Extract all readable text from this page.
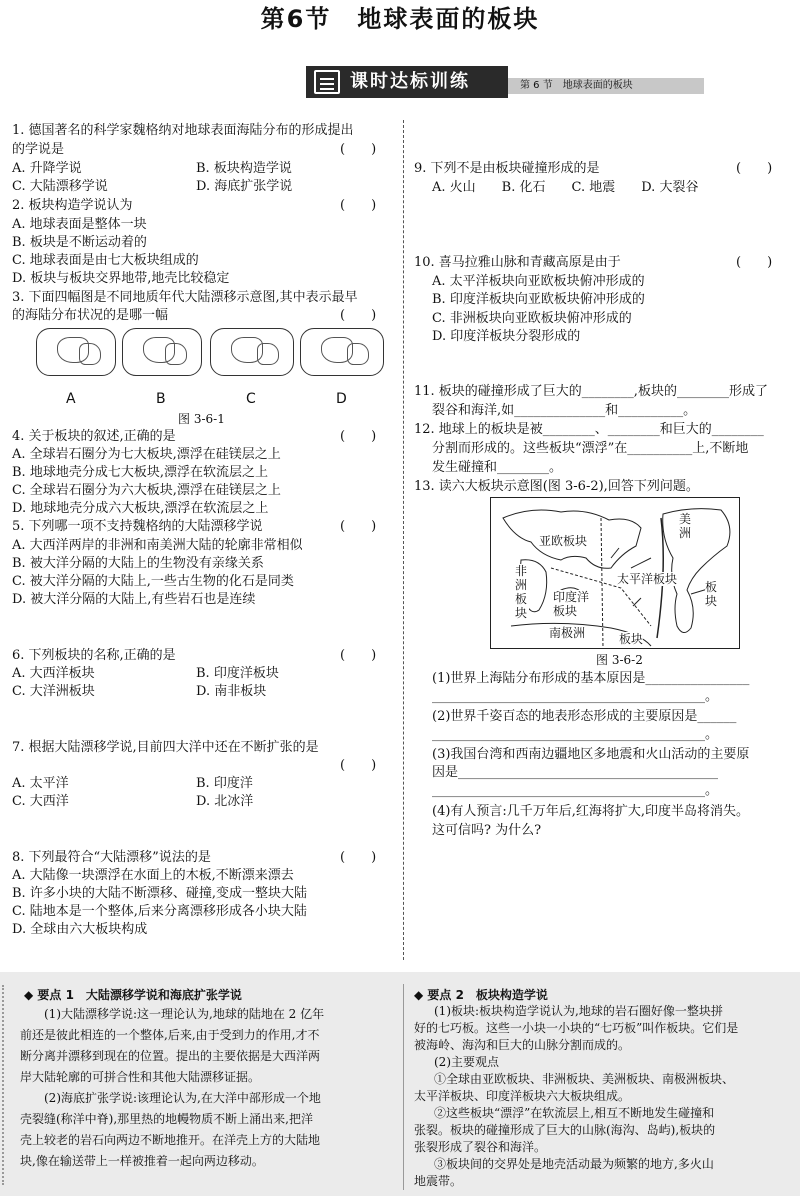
第6节　地球表面的板块
课时达标训练	第 6 节　地球表面的板块
1. 德国著名的科学家魏格纳对地球表面海陆分布的形成提出
的学说是	(　　)
A. 升降学说	B. 板块构造学说
C. 大陆漂移学说	D. 海底扩张学说
2. 板块构造学说认为	(　　)
A. 地球表面是整体一块
B. 板块是不断运动着的
C. 地球表面是由七大板块组成的
D. 板块与板块交界地带,地壳比较稳定
3. 下面四幅图是不同地质年代大陆漂移示意图,其中表示最早
的海陆分布状况的是哪一幅	(　　)
4. 关于板块的叙述,正确的是	(　　)
A. 全球岩石圈分为七大板块,漂浮在硅镁层之上
B. 地球地壳分成七大板块,漂浮在软流层之上
C. 全球岩石圈分为六大板块,漂浮在硅镁层之上
D. 地球地壳分成六大板块,漂浮在软流层之上
5. 下列哪一项不支持魏格纳的大陆漂移学说	(　　)
A. 大西洋两岸的非洲和南美洲大陆的轮廓非常相似
B. 被大洋分隔的大陆上的生物没有亲缘关系
C. 被大洋分隔的大陆上,一些古生物的化石是同类
D. 被大洋分隔的大陆上,有些岩石也是连续
6. 下列板块的名称,正确的是	(　　)
A. 大西洋板块	B. 印度洋板块
C. 大洋洲板块	D. 南非板块
7. 根据大陆漂移学说,目前四大洋中还在不断扩张的是
(　　)
A. 太平洋	B. 印度洋
C. 大西洋	D. 北冰洋
8. 下列最符合“大陆漂移”说法的是	(　　)
A. 大陆像一块漂浮在水面上的木板,不断漂来漂去
B. 许多小块的大陆不断漂移、碰撞,变成一整块大陆
C. 陆地本是一个整体,后来分离漂移形成各小块大陆
D. 全球由六大板块构成
A	B	C	D
图 3-6-1
9. 下列不是由板块碰撞形成的是	(　　)
A. 火山　　B. 化石　　C. 地震　　D. 大裂谷
10. 喜马拉雅山脉和青藏高原是由于	(　　)
A. 太平洋板块向亚欧板块俯冲形成的
B. 印度洋板块向亚欧板块俯冲形成的
C. 非洲板块向亚欧板块俯冲形成的
D. 印度洋板块分裂形成的
11. 板块的碰撞形成了巨大的________,板块的________形成了
裂谷和海洋,如______________和__________。
12. 地球上的板块是被________、________和巨大的________
分割而形成的。这些板块“漂浮”在__________上,不断地
发生碰撞和________。
13. 读六大板块示意图(图 3-6-2),回答下列问题。
(1)世界上海陆分布形成的基本原因是________________
__________________________________________。
(2)世界千姿百态的地表形态形成的主要原因是______
__________________________________________。
(3)我国台湾和西南边疆地区多地震和火山活动的主要原
因是________________________________________
__________________________________________。
(4)有人预言:几千万年后,红海将扩大,印度半岛将消失。
这可信吗? 为什么?
亚欧板块
美洲
非洲板块
太平洋板块
印度洋板块
南极洲	板块
板块
图 3-6-2
◆ 要点 1　大陆漂移学说和海底扩张学说	◆ 要点 2　板块构造学说
(1)大陆漂移学说:这一理论认为,地球的陆地在 2 亿年
前还是彼此相连的一个整体,后来,由于受到力的作用,才不
断分离并漂移到现在的位置。提出的主要依据是大西洋两
岸大陆轮廓的可拼合性和其他大陆漂移证据。
(2)海底扩张学说:该理论认为,在大洋中部形成一个地
壳裂缝(称洋中脊),那里热的地幔物质不断上涌出来,把洋
壳上较老的岩石向两边不断地推开。在洋壳上方的大陆地
块,像在输送带上一样被推着一起向两边移动。
(1)板块:板块构造学说认为,地球的岩石圈好像一整块拼
好的七巧板。这些一小块一小块的“七巧板”叫作板块。它们是
被海岭、海沟和巨大的山脉分割而成的。
(2)主要观点
①全球由亚欧板块、非洲板块、美洲板块、南极洲板块、
太平洋板块、印度洋板块六大板块组成。
②这些板块“漂浮”在软流层上,相互不断地发生碰撞和
张裂。板块的碰撞形成了巨大的山脉(海沟、岛屿),板块的
张裂形成了裂谷和海洋。
③板块间的交界处是地壳活动最为频繁的地方,多火山
地震带。
